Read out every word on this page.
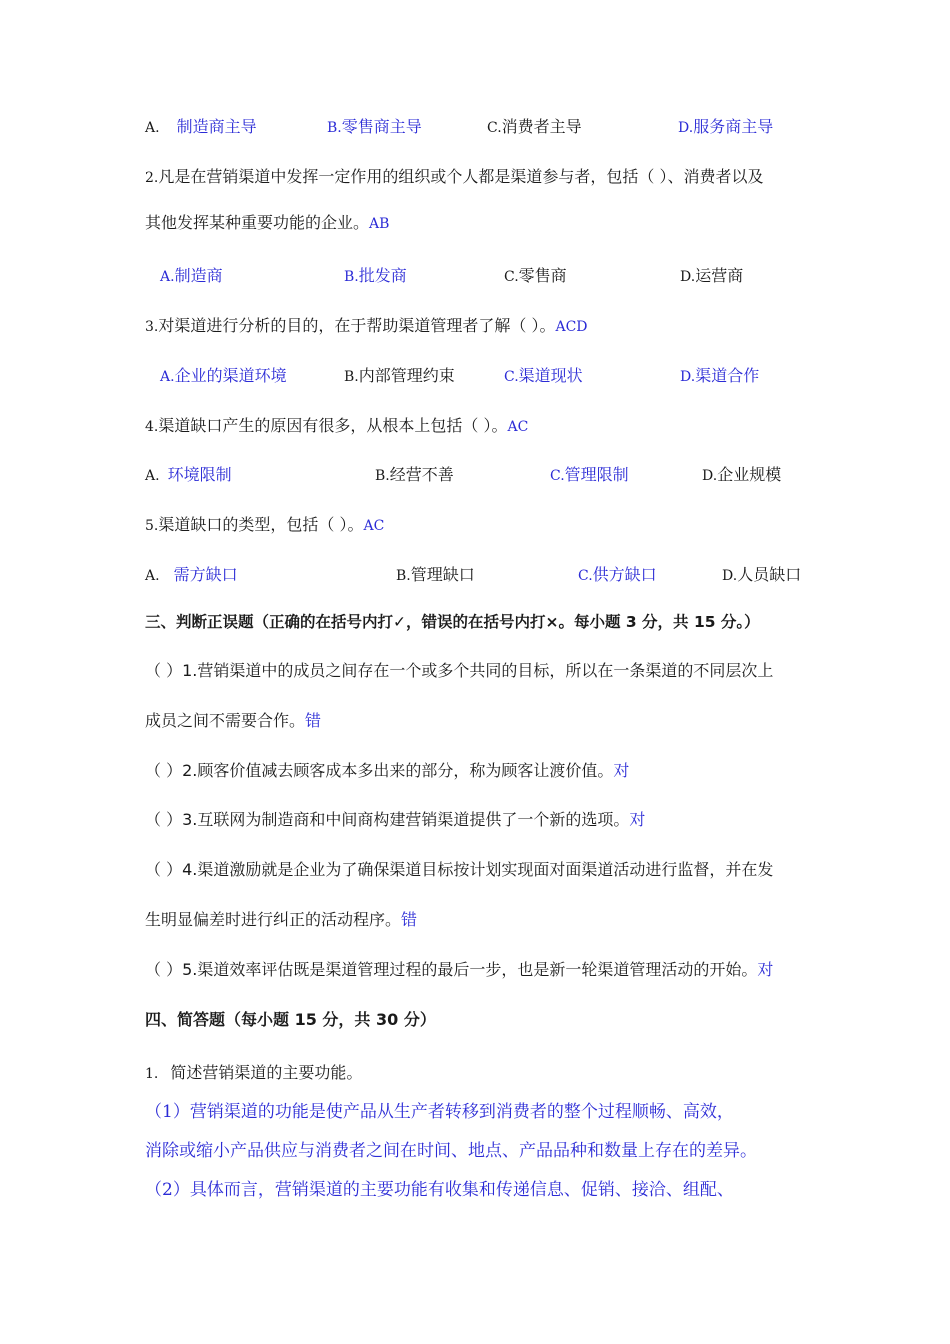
A. 制造商主导	B.零售商主导	C.消费者主导	D.服务商主导
2.凡是在营销渠道中发挥一定作用的组织或个人都是渠道参与者，包括（ ）、消费者以及
其他发挥某种重要功能的企业。AB
A.制造商	B.批发商	C.零售商	D.运营商
3.对渠道进行分析的目的，在于帮助渠道管理者了解（ ）。ACD
A.企业的渠道环境	B.内部管理约束	C.渠道现状	D.渠道合作
4.渠道缺口产生的原因有很多，从根本上包括（ ）。AC
A. 环境限制	B.经营不善	C.管理限制	D.企业规模
5.渠道缺口的类型，包括（ ）。AC
A. 需方缺口	B.管理缺口	C.供方缺口	D.人员缺口
三、判断正误题（正确的在括号内打✓，错误的在括号内打×。每小题 3 分，共 15 分。）
（ ）1.营销渠道中的成员之间存在一个或多个共同的目标，所以在一条渠道的不同层次上
成员之间不需要合作。错
（ ）2.顾客价值减去顾客成本多出来的部分，称为顾客让渡价值。对
（ ）3.互联网为制造商和中间商构建营销渠道提供了一个新的选项。对
（ ）4.渠道激励就是企业为了确保渠道目标按计划实现面对面渠道活动进行监督，并在发
生明显偏差时进行纠正的活动程序。错
（ ）5.渠道效率评估既是渠道管理过程的最后一步，也是新一轮渠道管理活动的开始。对
四、简答题（每小题 15 分，共 30 分）
1. 简述营销渠道的主要功能。
（1）营销渠道的功能是使产品从生产者转移到消费者的整个过程顺畅、高效，
消除或缩小产品供应与消费者之间在时间、地点、产品品种和数量上存在的差异。
（2）具体而言，营销渠道的主要功能有收集和传递信息、促销、接洽、组配、
